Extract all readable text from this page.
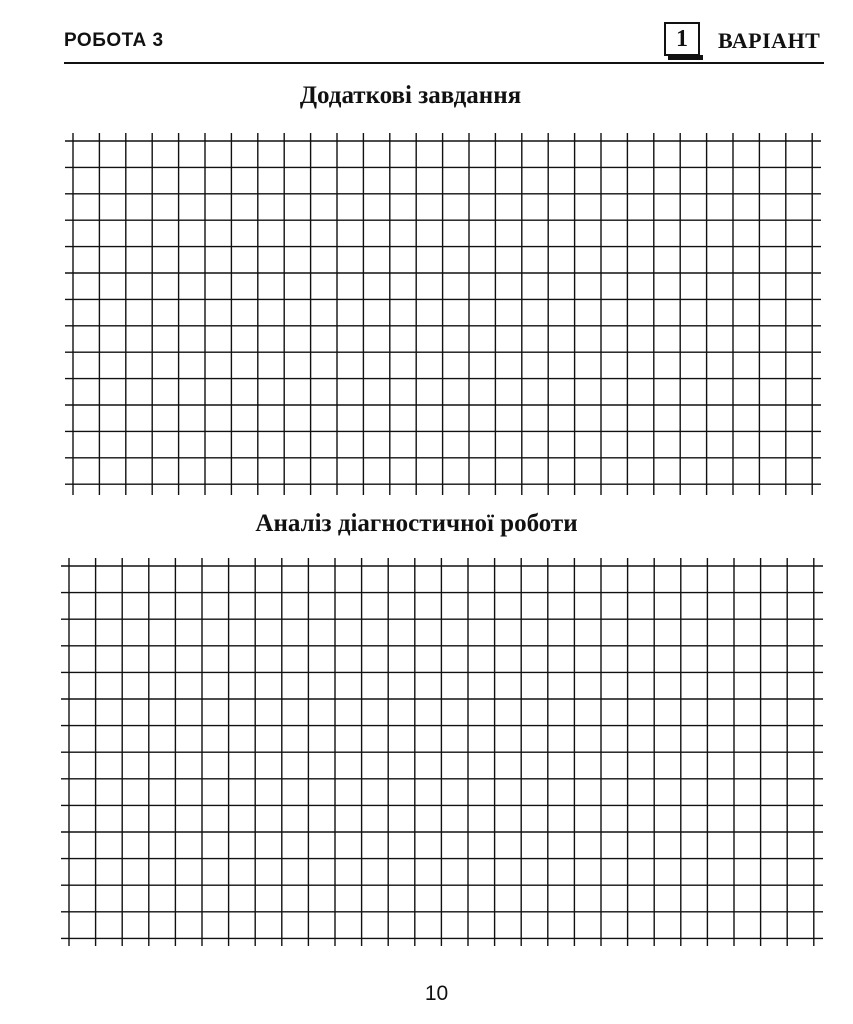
РОБОТА 3	1	ВАРІАНТ
Додаткові завдання
Аналіз діагностичної роботи
10
